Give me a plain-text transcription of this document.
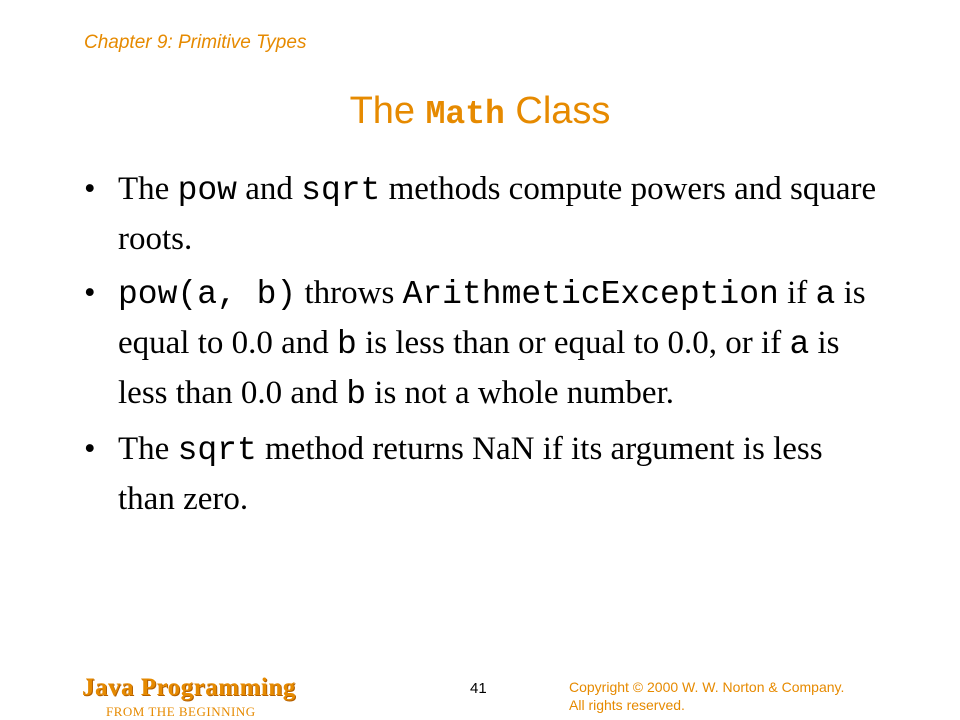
Chapter 9: Primitive Types
The Math Class
• The pow and sqrt methods compute powers and square roots.
• pow(a, b) throws ArithmeticException if a is equal to 0.0 and b is less than or equal to 0.0, or if a is less than 0.0 and b is not a whole number.
• The sqrt method returns NaN if its argument is less than zero.
Java Programming
FROM THE BEGINNING
41	Copyright © 2000 W. W. Norton & Company.
All rights reserved.
